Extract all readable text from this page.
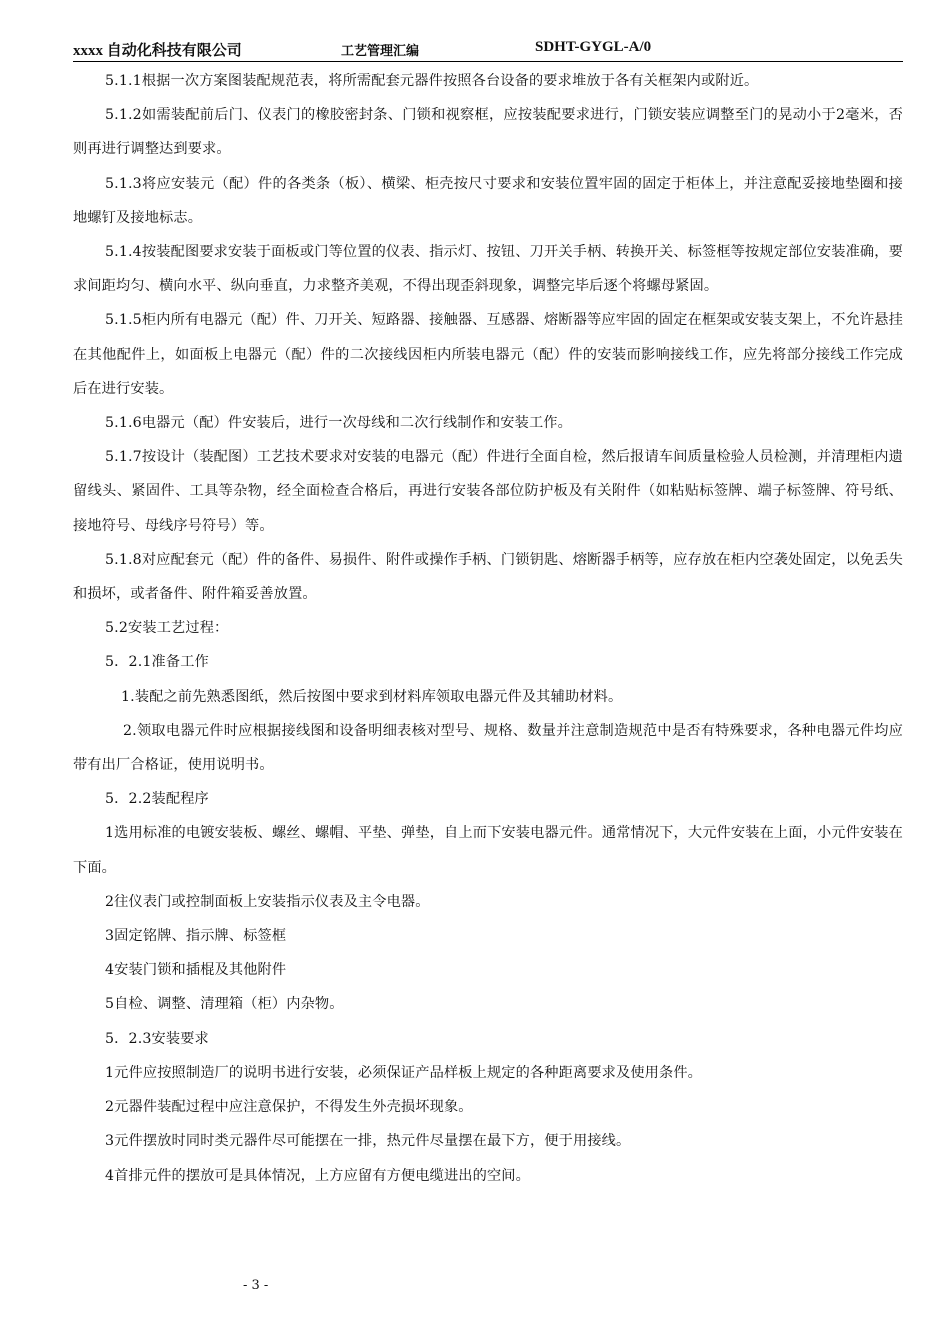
xxxx 自动化科技有限公司	工艺管理汇编	SDHT-GYGL-A/0

5.1.1根据一次方案图装配规范表，将所需配套元器件按照各台设备的要求堆放于各有关框架内或附近。

5.1.2如需装配前后门、仪表门的橡胶密封条、门锁和视察框，应按装配要求进行，门锁安装应调整至门的晃动小于2毫米，否则再进行调整达到要求。

5.1.3将应安装元（配）件的各类条（板）、横梁、柜壳按尺寸要求和安装位置牢固的固定于柜体上，并注意配妥接地垫圈和接地螺钉及接地标志。

5.1.4按装配图要求安装于面板或门等位置的仪表、指示灯、按钮、刀开关手柄、转换开关、标签框等按规定部位安装准确，要求间距均匀、横向水平、纵向垂直，力求整齐美观，不得出现歪斜现象，调整完毕后逐个将螺母紧固。

5.1.5柜内所有电器元（配）件、刀开关、短路器、接触器、互感器、熔断器等应牢固的固定在框架或安装支架上，不允许悬挂在其他配件上，如面板上电器元（配）件的二次接线因柜内所装电器元（配）件的安装而影响接线工作，应先将部分接线工作完成后在进行安装。

5.1.6电器元（配）件安装后，进行一次母线和二次行线制作和安装工作。

5.1.7按设计（装配图）工艺技术要求对安装的电器元（配）件进行全面自检，然后报请车间质量检验人员检测，并清理柜内遗留线头、紧固件、工具等杂物，经全面检查合格后，再进行安装各部位防护板及有关附件（如粘贴标签牌、端子标签牌、符号纸、接地符号、母线序号符号）等。

5.1.8对应配套元（配）件的备件、易损件、附件或操作手柄、门锁钥匙、熔断器手柄等，应存放在柜内空袭处固定，以免丢失和损坏，或者备件、附件箱妥善放置。

5.2安装工艺过程：

5．2.1准备工作

1.装配之前先熟悉图纸，然后按图中要求到材料库领取电器元件及其辅助材料。

2.领取电器元件时应根据接线图和设备明细表核对型号、规格、数量并注意制造规范中是否有特殊要求，各种电器元件均应带有出厂合格证，使用说明书。

5．2.2装配程序

1选用标准的电镀安装板、螺丝、螺帽、平垫、弹垫，自上而下安装电器元件。通常情况下，大元件安装在上面，小元件安装在下面。

2往仪表门或控制面板上安装指示仪表及主令电器。

3固定铭牌、指示牌、标签框

4安装门锁和插棍及其他附件

5自检、调整、清理箱（柜）内杂物。

5．2.3安装要求

1元件应按照制造厂的说明书进行安装，必须保证产品样板上规定的各种距离要求及使用条件。

2元器件装配过程中应注意保护，不得发生外壳损坏现象。

3元件摆放时同时类元器件尽可能摆在一排，热元件尽量摆在最下方，便于用接线。

4首排元件的摆放可是具体情况，上方应留有方便电缆进出的空间。

- 3 -
